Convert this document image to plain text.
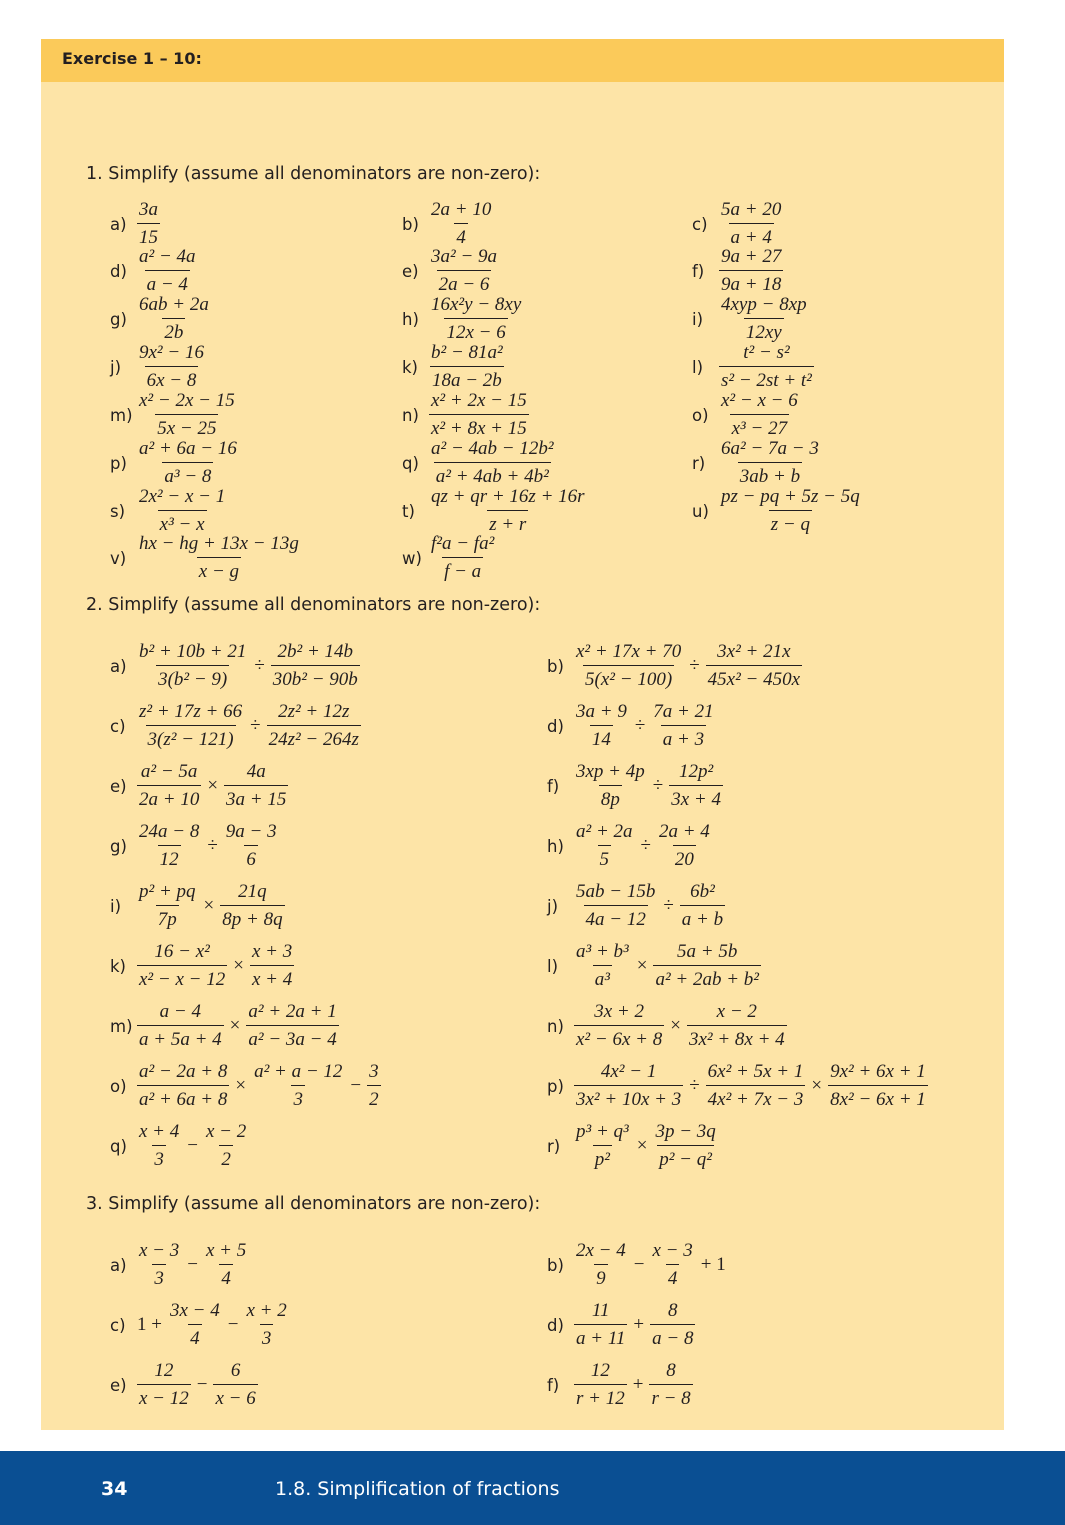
Exercise 1 – 10:
1. Simplify (assume all denominators are non-zero):
2. Simplify (assume all denominators are non-zero):
3. Simplify (assume all denominators are non-zero):
$a) \frac{3a}{15}$	$b) \frac{2a + 10}{4}$	$c) \frac{5a + 20}{a + 4}$
$d) \frac{\text{a² − 4a}}{a - 4}$	$e) \frac{\text{3a² − 9a}}{2a - 6}$	$f) \frac{9a + 27}{9a + 18}$
$g) \frac{6ab + 2a}{2b}$	$h) \frac{\text{16x²y − 8xy}}{12x - 6}$	$i) \frac{\text{4xyp − 8xp}}{12xy}$
$j) \frac{\text{9x² − 16}}{6x - 8}$	$k) \frac{\text{b² − 81a²}}{18a - 2b}$	$l) \frac{\text{t² − s²}}{\text{s² − 2st + t²}}$
$m) \frac{\text{x² − 2x − 15}}{5x - 25}$	$n) \frac{\text{x² + 2x − 15}}{\text{x² + 8x + 15}}$	$o) \frac{\text{x² − x − 6}}{\text{x³ − 27}}$
$p) \frac{\text{a² + 6a − 16}}{\text{a³ − 8}}$	$q) \frac{\text{a² − 4ab − 12b²}}{\text{a² + 4ab + 4b²}}$	$r) \frac{\text{6a² − 7a − 3}}{3ab + b}$
$s) \frac{\text{2x² − x − 1}}{\text{x³ − x}}$	$t) \frac{qz + qr + 16z + 16r}{z + r}$	$u) \frac{pz - pq + 5z - 5q}{z - q}$
$v) \frac{hx - hg + 13x - 13g}{x - g}$	$w) \frac{\text{f²a − fa²}}{f - a}$
$a) \frac{\text{b² + 10b + 21}}{\text{3(b² − 9)}} \div \frac{\text{2b² + 14b}}{\text{30b² − 90b}}$	$b) \frac{\text{x² + 17x + 70}}{\text{5(x² − 100)}} \div \frac{\text{3x² + 21x}}{\text{45x² − 450x}}$
$c) \frac{\text{z² + 17z + 66}}{\text{3(z² − 121)}} \div \frac{\text{2z² + 12z}}{\text{24z² − 264z}}$	$d) \frac{3a + 9}{14} \div \frac{7a + 21}{a + 3}$
$e) \frac{\text{a² − 5a}}{2a + 10} \times \frac{4a}{3a + 15}$	$f) \frac{3xp + 4p}{8p} \div \frac{\text{12p²}}{3x + 4}$
$g) \frac{24a - 8}{12} \div \frac{9a - 3}{6}$	$h) \frac{\text{a² + 2a}}{5} \div \frac{2a + 4}{20}$
$i) \frac{\text{p² + pq}}{7p} \times \frac{21q}{8p + 8q}$	$j) \frac{5ab - 15b}{4a - 12} \div \frac{\text{6b²}}{a + b}$
$k) \frac{\text{16 − x²}}{\text{x² − x − 12}} \times \frac{x + 3}{x + 4}$	$l) \frac{\text{a³ + b³}}{\text{a³}} \times \frac{5a + 5b}{\text{a² + 2ab + b²}}$
$m) \frac{a - 4}{a + 5a + 4} \times \frac{\text{a² + 2a + 1}}{\text{a² − 3a − 4}}$	$n) \frac{3x + 2}{\text{x² − 6x + 8}} \times \frac{x - 2}{\text{3x² + 8x + 4}}$
$o) \frac{\text{a² − 2a + 8}}{\text{a² + 6a + 8}} \times \frac{\text{a² + a − 12}}{3} - \frac{3}{2}$	$p) \frac{\text{4x² − 1}}{\text{3x² + 10x + 3}} \div \frac{\text{6x² + 5x + 1}}{\text{4x² + 7x − 3}} \times \frac{\text{9x² + 6x + 1}}{\text{8x² − 6x + 1}}$
$q) \frac{x + 4}{3} - \frac{x - 2}{2}$	$r) \frac{\text{p³ + q³}}{\text{p²}} \times \frac{3p - 3q}{\text{p² − q²}}$
$a) \frac{x - 3}{3} - \frac{x + 5}{4}$	$b) \frac{2x - 4}{9} - \frac{x - 3}{4} + 1$
c) $1 + \frac{3x - 4}{4} - \frac{x + 2}{3}$	$d) \frac{11}{a + 11} + \frac{8}{a - 8}$
$e) \frac{12}{x - 12} - \frac{6}{x - 6}$	$f) \frac{12}{r + 12} + \frac{8}{r - 8}$
34	1.8. Simplification of fractions
